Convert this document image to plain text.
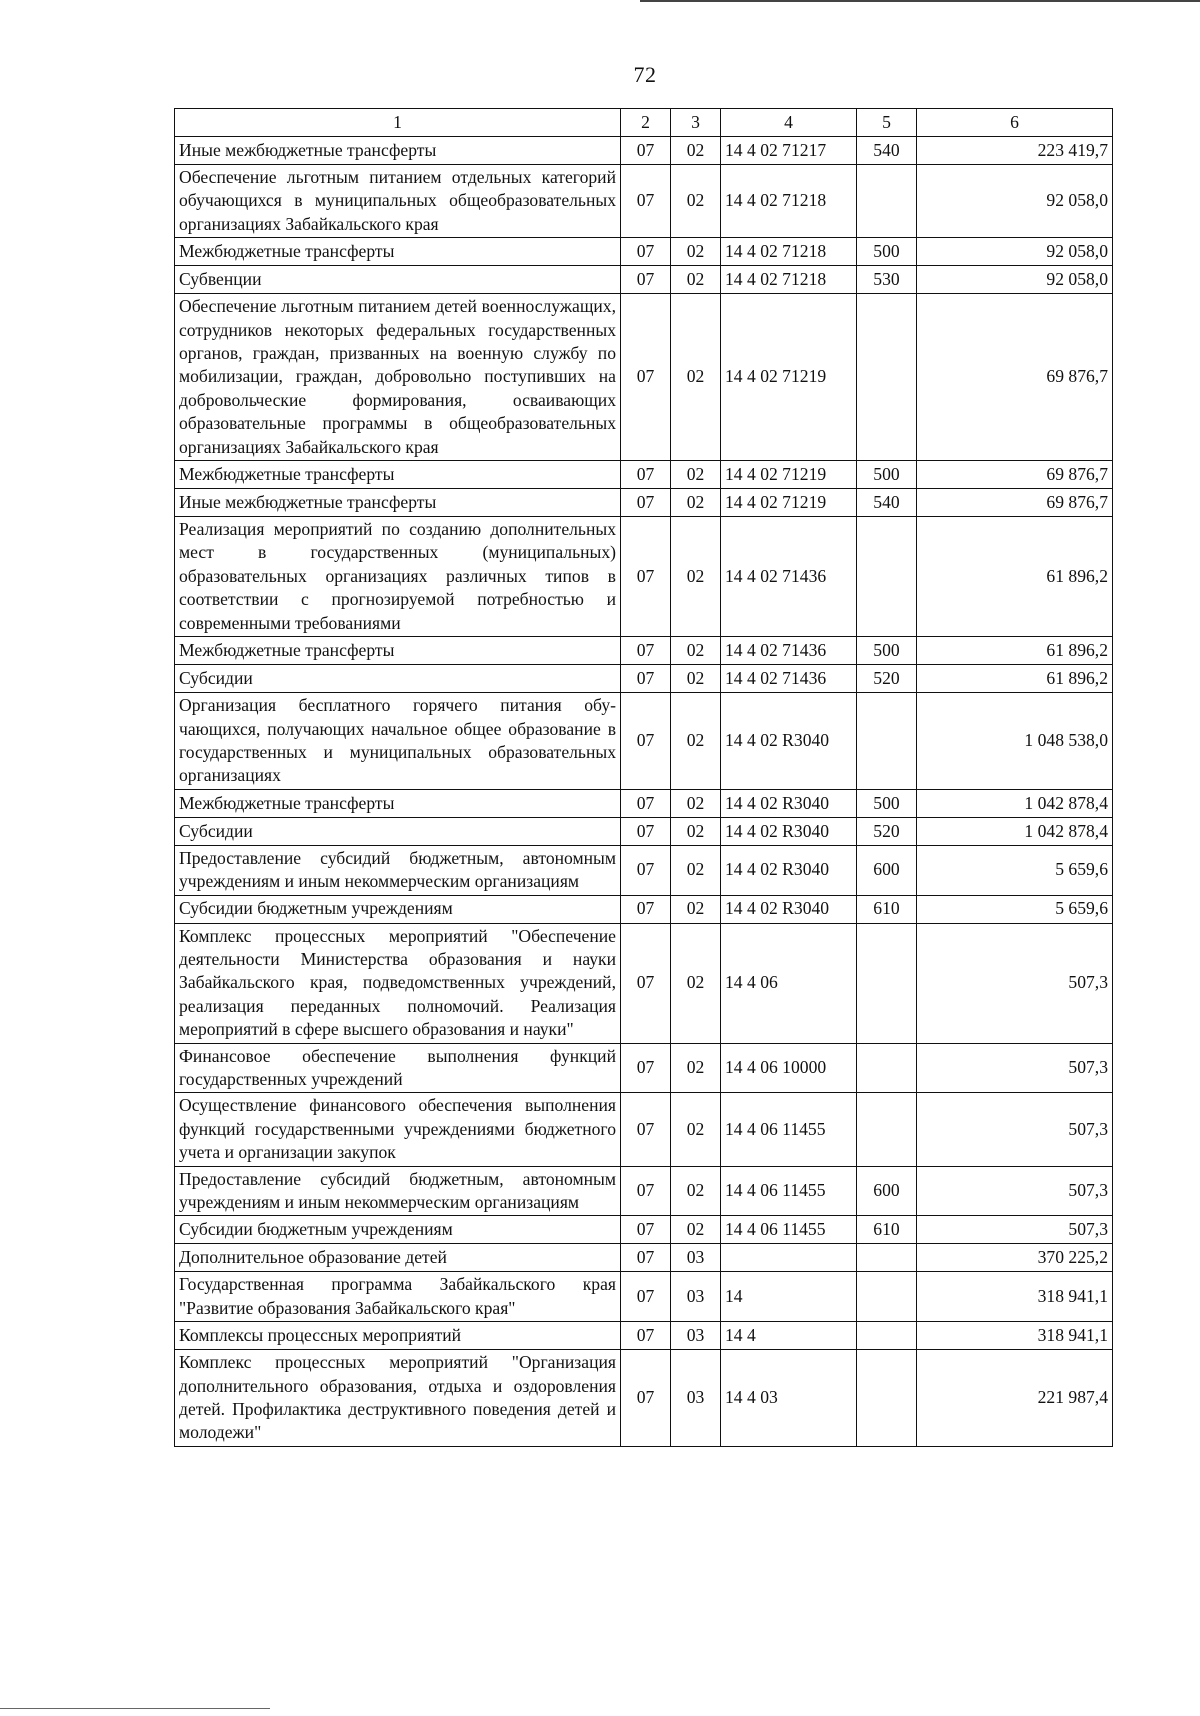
72
1	2	3	4	5	6
Иные межбюджетные трансферты	07	02	14 4 02 71217	540	223 419,7
Обеспечение льготным питанием отдельных категорий обучающихся в муниципальных общеобразовательных организациях Забайкальского края	07	02	14 4 02 71218		92 058,0
Межбюджетные трансферты	07	02	14 4 02 71218	500	92 058,0
Субвенции	07	02	14 4 02 71218	530	92 058,0
Обеспечение льготным питанием детей военнослужащих, сотрудников некоторых федеральных государственных органов, граждан, призванных на военную службу по мобилизации, граждан, добровольно поступивших на добровольческие формирования, осваивающих образовательные программы в общеобразовательных организациях Забайкальского края	07	02	14 4 02 71219		69 876,7
Межбюджетные трансферты	07	02	14 4 02 71219	500	69 876,7
Иные межбюджетные трансферты	07	02	14 4 02 71219	540	69 876,7
Реализация мероприятий по созданию дополнительных мест в государственных (муниципальных) образовательных организациях различных типов в соответствии с прогнозируемой потребностью и современными требованиями	07	02	14 4 02 71436		61 896,2
Межбюджетные трансферты	07	02	14 4 02 71436	500	61 896,2
Субсидии	07	02	14 4 02 71436	520	61 896,2
Организация бесплатного горячего питания обучающихся, получающих начальное общее образование в государственных и муниципальных образовательных организациях	07	02	14 4 02 R3040		1 048 538,0
Межбюджетные трансферты	07	02	14 4 02 R3040	500	1 042 878,4
Субсидии	07	02	14 4 02 R3040	520	1 042 878,4
Предоставление субсидий бюджетным, автономным учреждениям и иным некоммерческим организациям	07	02	14 4 02 R3040	600	5 659,6
Субсидии бюджетным учреждениям	07	02	14 4 02 R3040	610	5 659,6
Комплекс процессных мероприятий "Обеспечение деятельности Министерства образования и науки Забайкальского края, подведомственных учреждений, реализация переданных полномочий. Реализация мероприятий в сфере высшего образования и науки"	07	02	14 4 06		507,3
Финансовое обеспечение выполнения функций государственных учреждений	07	02	14 4 06 10000		507,3
Осуществление финансового обеспечения выполнения функций государственными учреждениями бюджетного учета и организации закупок	07	02	14 4 06 11455		507,3
Предоставление субсидий бюджетным, автономным учреждениям и иным некоммерческим организациям	07	02	14 4 06 11455	600	507,3
Субсидии бюджетным учреждениям	07	02	14 4 06 11455	610	507,3
Дополнительное образование детей	07	03			370 225,2
Государственная программа Забайкальского края "Развитие образования Забайкальского края"	07	03	14		318 941,1
Комплексы процессных мероприятий	07	03	14 4		318 941,1
Комплекс процессных мероприятий "Организация дополнительного образования, отдыха и оздоровления детей. Профилактика деструктивного поведения детей и молодежи"	07	03	14 4 03		221 987,4
